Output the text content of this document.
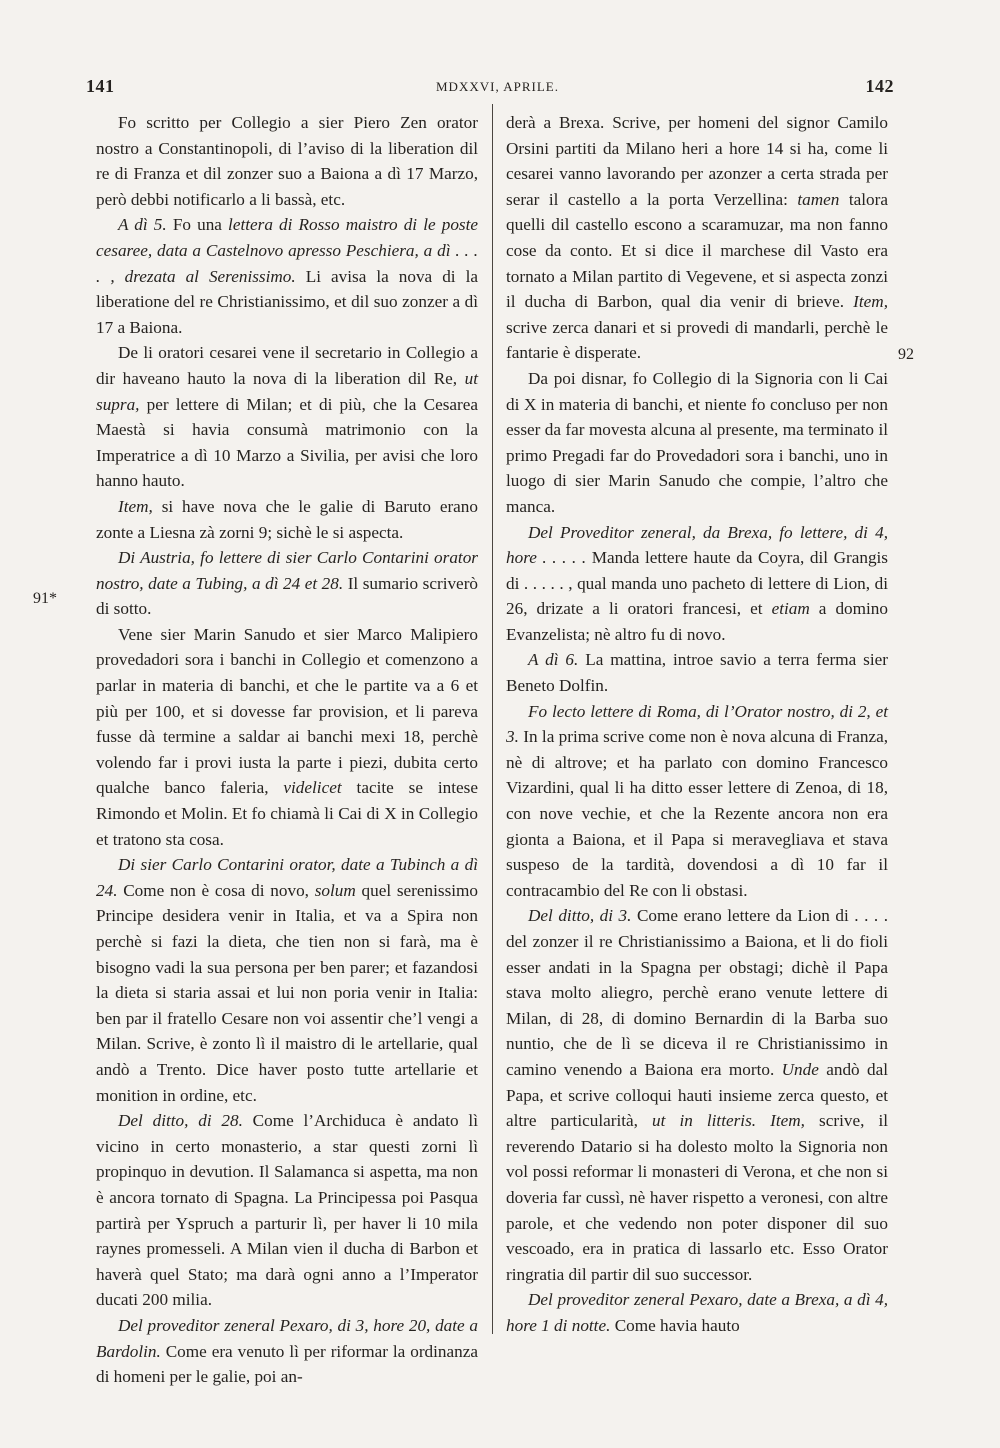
141	MDXXVI, APRILE.	142
91*
92

Fo scritto per Collegio a sier Piero Zen orator nostro a Constantinopoli, di l’aviso di la liberation dil re di Franza et dil zonzer suo a Baiona a dì 17 Marzo, però debbi notificarlo a li bassà, etc.

A dì 5. Fo una lettera di Rosso maistro di le poste cesaree, data a Castelnovo apresso Peschiera, a dì . . . . , drezata al Serenissimo. Li avisa la nova di la liberatione del re Christianissimo, et dil suo zonzer a dì 17 a Baiona.

De li oratori cesarei vene il secretario in Collegio a dir haveano hauto la nova di la liberation dil Re, ut supra, per lettere di Milan; et di più, che la Cesarea Maestà si havia consumà matrimonio con la Imperatrice a dì 10 Marzo a Sivilia, per avisi che loro hanno hauto.

Item, si have nova che le galie di Baruto erano zonte a Liesna zà zorni 9; sichè le si aspecta.

Di Austria, fo lettere di sier Carlo Contarini orator nostro, date a Tubing, a dì 24 et 28. Il sumario scriverò di sotto.

Vene sier Marin Sanudo et sier Marco Malipiero provedadori sora i banchi in Collegio et comenzono a parlar in materia di banchi, et che le partite va a 6 et più per 100, et si dovesse far provision, et li pareva fusse dà termine a saldar ai banchi mexi 18, perchè volendo far i provi iusta la parte i piezi, dubita certo qualche banco faleria, videlicet tacite se intese Rimondo et Molin. Et fo chiamà li Cai di X in Collegio et tratono sta cosa.

Di sier Carlo Contarini orator, date a Tubinch a dì 24. Come non è cosa di novo, solum quel serenissimo Principe desidera venir in Italia, et va a Spira non perchè si fazi la dieta, che tien non si farà, ma è bisogno vadi la sua persona per ben parer; et fazandosi la dieta si staria assai et lui non poria venir in Italia: ben par il fratello Cesare non voi assentir che’l vengi a Milan. Scrive, è zonto lì il maistro di le artellarie, qual andò a Trento. Dice haver posto tutte artellarie et monition in ordine, etc.

Del ditto, di 28. Come l’Archiduca è andato lì vicino in certo monasterio, a star questi zorni lì propinquo in devution. Il Salamanca si aspetta, ma non è ancora tornato di Spagna. La Principessa poi Pasqua partirà per Yspruch a parturir lì, per haver li 10 mila raynes promesseli. A Milan vien il ducha di Barbon et haverà quel Stato; ma darà ogni anno a l’Imperator ducati 200 milia.

Del proveditor zeneral Pexaro, di 3, hore 20, date a Bardolin. Come era venuto lì per riformar la ordinanza di homeni per le galie, poi an-

derà a Brexa. Scrive, per homeni del signor Camilo Orsini partiti da Milano heri a hore 14 si ha, come li cesarei vanno lavorando per azonzer a certa strada per serar il castello a la porta Verzellina: tamen talora quelli dil castello escono a scaramuzar, ma non fanno cose da conto. Et si dice il marchese dil Vasto era tornato a Milan partito di Vegevene, et si aspecta zonzi il ducha di Barbon, qual dia venir di brieve. Item, scrive zerca danari et si provedi di mandarli, perchè le fantarie è disperate.

Da poi disnar, fo Collegio di la Signoria con li Cai di X in materia di banchi, et niente fo concluso per non esser da far movesta alcuna al presente, ma terminato il primo Pregadi far do Provedadori sora i banchi, uno in luogo di sier Marin Sanudo che compie, l’altro che manca.

Del Proveditor zeneral, da Brexa, fo lettere, di 4, hore . . . . . Manda lettere haute da Coyra, dil Grangis di . . . . . , qual manda uno pacheto di lettere di Lion, di 26, drizate a li oratori francesi, et etiam a domino Evanzelista; nè altro fu di novo.

A dì 6. La mattina, introe savio a terra ferma sier Beneto Dolfin.

Fo lecto lettere di Roma, di l’Orator nostro, di 2, et 3. In la prima scrive come non è nova alcuna di Franza, nè di altrove; et ha parlato con domino Francesco Vizardini, qual li ha ditto esser lettere di Zenoa, di 18, con nove vechie, et che la Rezente ancora non era gionta a Baiona, et il Papa si meravegliava et stava suspeso de la tardità, dovendosi a dì 10 far il contracambio del Re con li obstasi.

Del ditto, di 3. Come erano lettere da Lion di . . . . del zonzer il re Christianissimo a Baiona, et li do fioli esser andati in la Spagna per obstagi; dichè il Papa stava molto aliegro, perchè erano venute lettere di Milan, di 28, di domino Bernardin di la Barba suo nuntio, che de lì se diceva il re Christianissimo in camino venendo a Baiona era morto. Unde andò dal Papa, et scrive colloqui hauti insieme zerca questo, et altre particularità, ut in litteris. Item, scrive, il reverendo Datario si ha dolesto molto la Signoria non vol possi reformar li monasteri di Verona, et che non si doveria far cussì, nè haver rispetto a veronesi, con altre parole, et che vedendo non poter disponer dil suo vescoado, era in pratica di lassarlo etc. Esso Orator ringratia dil partir dil suo successor.

Del proveditor zeneral Pexaro, date a Brexa, a dì 4, hore 1 di notte. Come havia hauto
